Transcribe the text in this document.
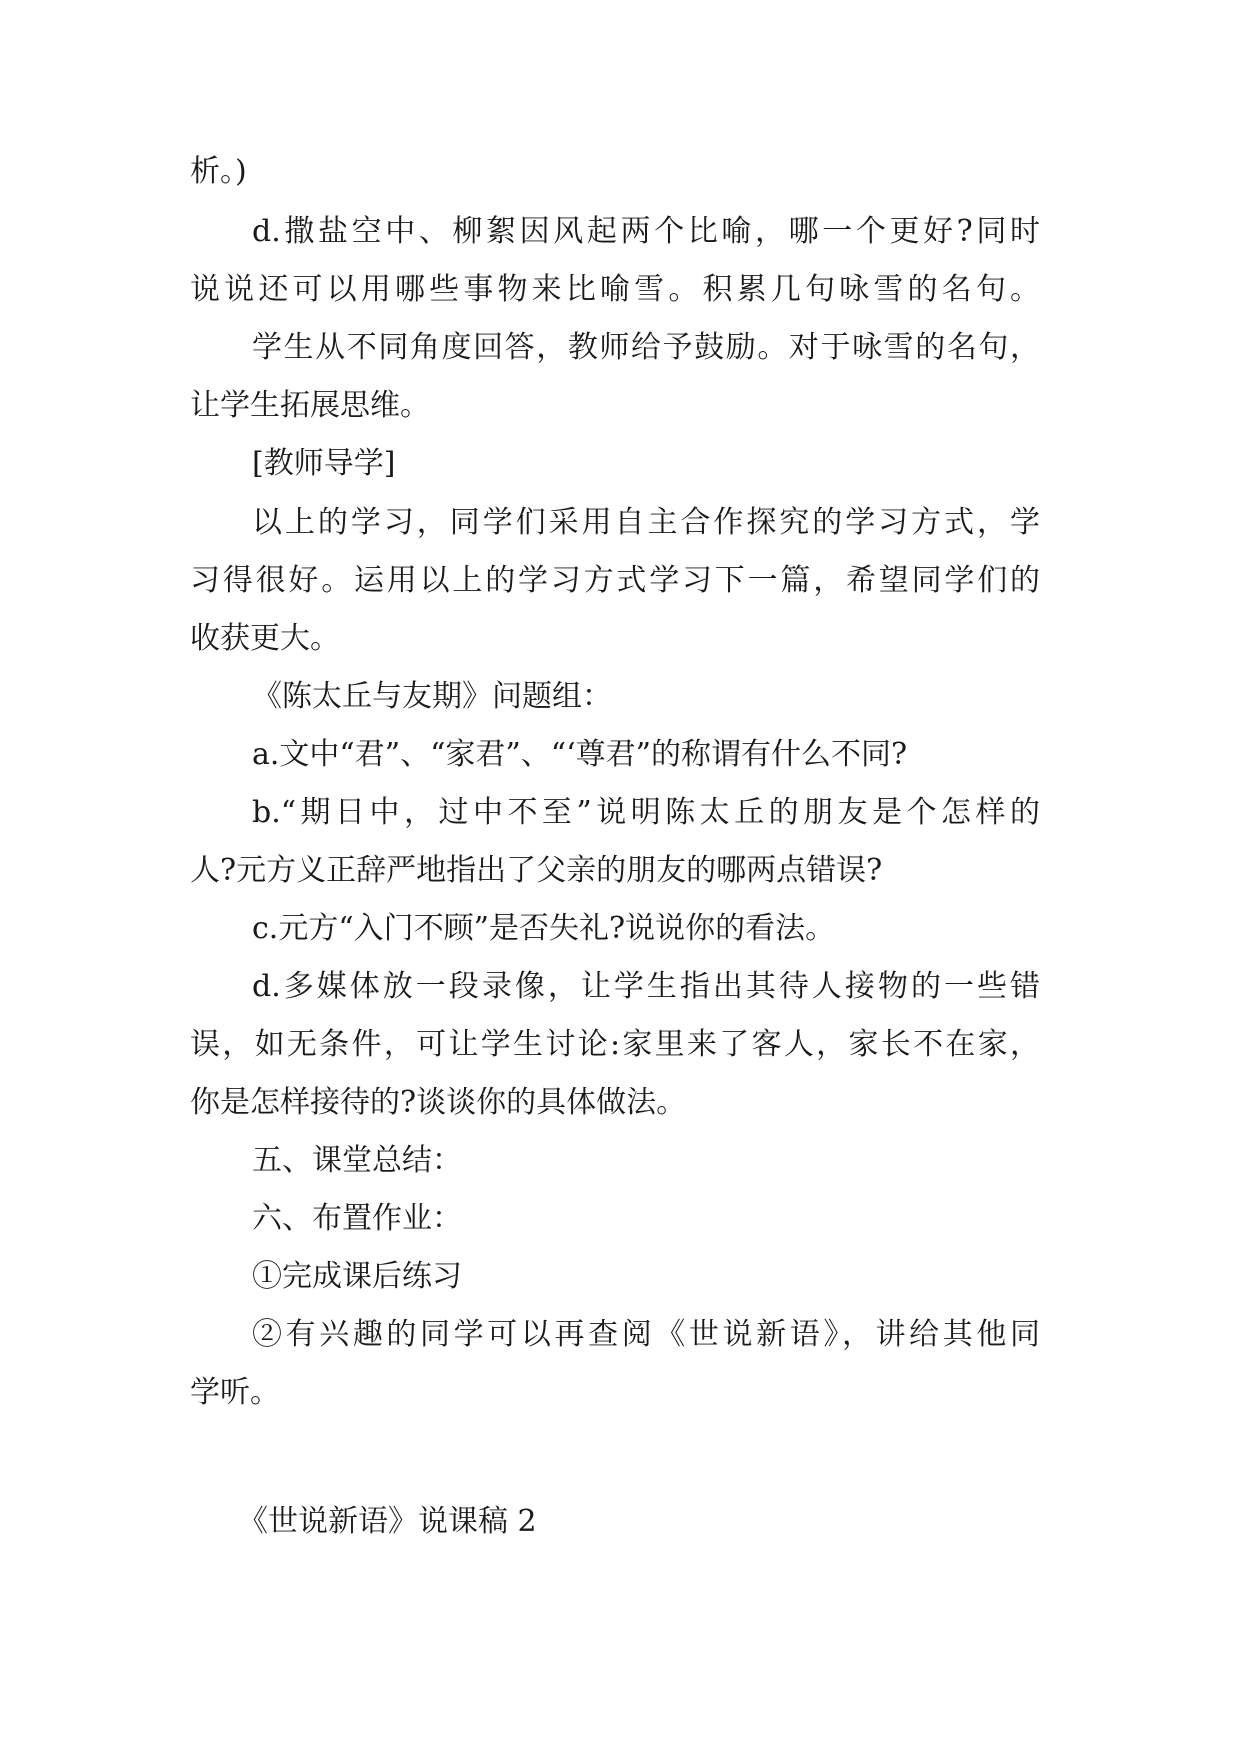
析。)
d.撒盐空中、柳絮因风起两个比喻，哪一个更好?同时
说说还可以用哪些事物来比喻雪。积累几句咏雪的名句。
学生从不同角度回答，教师给予鼓励。对于咏雪的名句，
让学生拓展思维。
[教师导学]
以上的学习，同学们采用自主合作探究的学习方式，学
习得很好。运用以上的学习方式学习下一篇，希望同学们的
收获更大。
《陈太丘与友期》问题组：
a.文中“君”、“家君”、“‘尊君”的称谓有什么不同?
b.“期日中，过中不至”说明陈太丘的朋友是个怎样的
人?元方义正辞严地指出了父亲的朋友的哪两点错误?
c.元方“入门不顾”是否失礼?说说你的看法。
d.多媒体放一段录像，让学生指出其待人接物的一些错
误，如无条件，可让学生讨论:家里来了客人，家长不在家，
你是怎样接待的?谈谈你的具体做法。
五、课堂总结：
六、布置作业：
①完成课后练习
②有兴趣的同学可以再查阅《世说新语》，讲给其他同
学听。
《世说新语》说课稿 2
